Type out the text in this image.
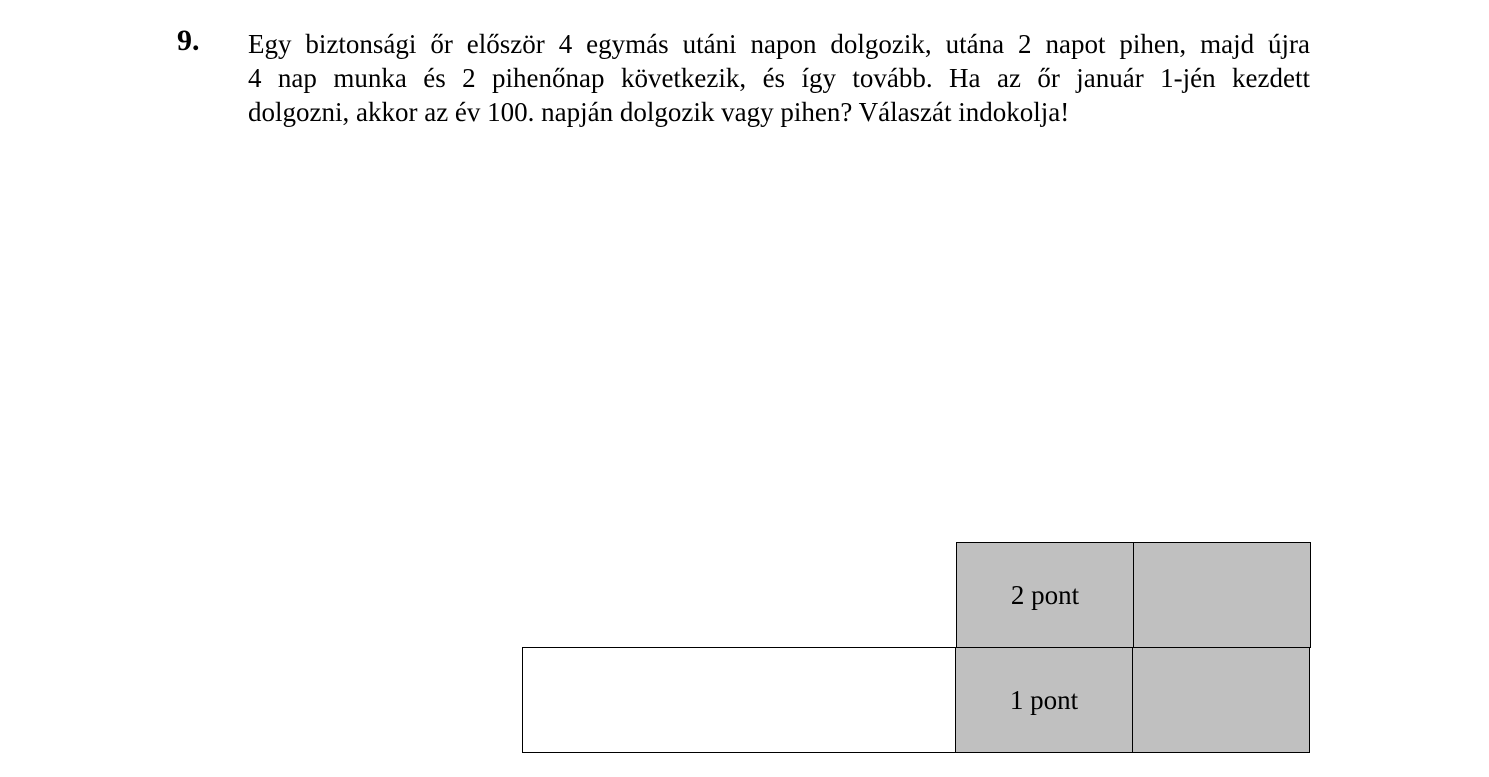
9. Egy biztonsági őr először 4 egymás utáni napon dolgozik, utána 2 napot pihen, majd újra
4 nap munka és 2 pihenőnap következik, és így tovább. Ha az őr január 1-jén kezdett
dolgozni, akkor az év 100. napján dolgozik vagy pihen? Válaszát indokolja!
2 pont	
	1 pont	
